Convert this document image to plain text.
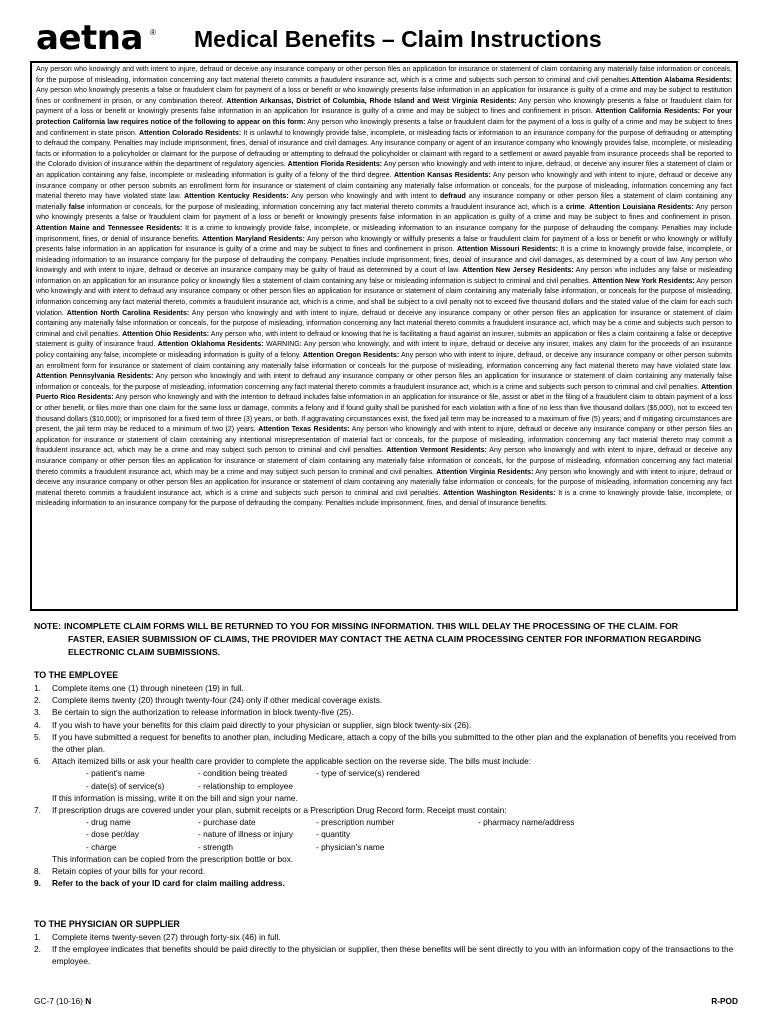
aetna ® Medical Benefits – Claim Instructions
Any person who knowingly and with intent to injure, defraud or deceive any insurance company or other person files an application for insurance or statement of claim containing any materially false information or conceals, for the purpose of misleading, information concerning any fact material thereto commits a fraudulent insurance act, which is a crime and subjects such person to criminal and civil penalties.Attention Alabama Residents: Any person who knowingly presents a false or fraudulent claim for payment of a loss or benefit or who knowingly presents false information in an application for insurance is guilty of a crime and may be subject to restitution fines or confinement in prison, or any combination thereof. Attention Arkansas, District of Columbia, Rhode Island and West Virginia Residents: Any person who knowingly presents a false or fraudulent claim for payment of a loss or benefit or knowingly presents false information in an application for insurance is guilty of a crime and may be subject to fines and confinement in prison. Attention California Residents: For your protection California law requires notice of the following to appear on this form: Any person who knowingly presents a false or fraudulent claim for the payment of a loss is guilty of a crime and may be subject to fines and confinement in state prison. Attention Colorado Residents: It is unlawful to knowingly provide false, incomplete, or misleading facts or information to an insurance company for the purpose of defrauding or attempting to defraud the company. Penalties may include imprisonment, fines, denial of insurance and civil damages. Any insurance company or agent of an insurance company who knowingly provides false, incomplete, or misleading facts or information to a policyholder or claimant for the purpose of defrauding or attempting to defraud the policyholder or claimant with regard to a settlement or award payable from insurance proceeds shall be reported to the Colorado division of insurance within the department of regulatory agencies. Attention Florida Residents: Any person who knowingly and with intent to injure, defraud, or deceive any insurer files a statement of claim or an application containing any false, incomplete or misleading information is guilty of a felony of the third degree. Attention Kansas Residents: Any person who knowingly and with intent to injure, defraud or deceive any insurance company or other person submits an enrollment form for insurance or statement of claim containing any materially false information or conceals, for the purpose of misleading, information concerning any fact material thereto may have violated state law. Attention Kentucky Residents: Any person who knowingly and with intent to defraud any insurance company or other person files a statement of claim containing any materially false information or conceals, for the purpose of misleading, information concerning any fact material thereto commits a fraudulent insurance act, which is a crime. Attention Louisiana Residents: Any person who knowingly presents a false or fraudulent claim for payment of a loss or benefit or knowingly presents false information in an application is guilty of a crime and may be subject to fines and confinement in prison. Attention Maine and Tennessee Residents: It is a crime to knowingly provide false, incomplete, or misleading information to an insurance company for the purpose of defrauding the company. Penalties may include imprisonment, fines, or denial of insurance benefits. Attention Maryland Residents: Any person who knowingly or willfully presents a false or fraudulent claim for payment of a loss or benefit or who knowingly or willfully presents false information in an application for insurance is guilty of a crime and may be subject to fines and confinement in prison. Attention Missouri Residents: It is a crime to knowingly provide false, incomplete, or misleading information to an insurance company for the purpose of defrauding the company. Penalties include imprisonment, fines, denial of insurance and civil damages, as determined by a court of law. Any person who knowingly and with intent to injure, defraud or deceive an insurance company may be guilty of fraud as determined by a court of law. Attention New Jersey Residents: Any person who includes any false or misleading information on an application for an insurance policy or knowingly files a statement of claim containing any false or misleading information is subject to criminal and civil penalties. Attention New York Residents: Any person who knowingly and with intent to defraud any insurance company or other person files an application for insurance or statement of claim containing any materially false information, or conceals for the purpose of misleading, information concerning any fact material thereto, commits a fraudulent insurance act, which is a crime, and shall be subject to a civil penalty not to exceed five thousand dollars and the stated value of the claim for each such violation. Attention North Carolina Residents: Any person who knowingly and with intent to injure, defraud or deceive any insurance company or other person files an application for insurance or statement of claim containing any materially false information or conceals, for the purpose of misleading, information concerning any fact material thereto commits a fraudulent insurance act, which may be a crime and subjects such person to criminal and civil penalties. Attention Ohio Residents: Any person who, with intent to defraud or knowing that he is facilitating a fraud against an insurer, submits an application or files a claim containing a false or deceptive statement is guilty of insurance fraud. Attention Oklahoma Residents: WARNING: Any person who knowingly, and with intent to injure, defraud or deceive any insurer, makes any claim for the proceeds of an insurance policy containing any false, incomplete or misleading information is guilty of a felony. Attention Oregon Residents: Any person who with intent to injure, defraud, or deceive any insurance company or other person submits an enrollment form for insurance or statement of claim containing any materially false information or conceals for the purpose of misleading, information concerning any fact material thereto may have violated state law. Attention Pennsylvania Residents: Any person who knowingly and with intent to defraud any insurance company or other person files an application for insurance or statement of claim containing any materially false information or conceals, for the purpose of misleading, information concerning any fact material thereto commits a fraudulent insurance act, which is a crime and subjects such person to criminal and civil penalties. Attention Puerto Rico Residents: Any person who knowingly and with the intention to defraud includes false information in an application for insurance or file, assist or abet in the filing of a fraudulent claim to obtain payment of a loss or other benefit, or files more than one claim for the same loss or damage, commits a felony and if found guilty shall be punished for each violation with a fine of no less than five thousand dollars ($5,000), not to exceed ten thousand dollars ($10,000); or imprisoned for a fixed term of three (3) years, or both. If aggravating circumstances exist, the fixed jail term may be increased to a maximum of five (5) years; and if mitigating circumstances are present, the jail term may be reduced to a minimum of two (2) years. Attention Texas Residents: Any person who knowingly and with intent to injure, defraud or deceive any insurance company or other person files an application for insurance or statement of claim containing any intentional misrepresentation of material fact or conceals, for the purpose of misleading, information concerning any fact material thereto may commit a fraudulent insurance act, which may be a crime and may subject such person to criminal and civil penalties. Attention Vermont Residents: Any person who knowingly and with intent to injure, defraud or deceive any insurance company or other person files an application for insurance or statement of claim containing any materially false information or conceals, for the purpose of misleading, information concerning any fact material thereto commits a fraudulent insurance act, which may be a crime and may subject such person to criminal and civil penalties. Attention Virginia Residents: Any person who knowingly and with intent to injure, defraud or deceive any insurance company or other person files an application for insurance or statement of claim containing any materially false information or conceals, for the purpose of misleading, information concerning any fact material thereto commits a fraudulent insurance act, which is a crime and subjects such person to criminal and civil penalties. Attention Washington Residents: It is a crime to knowingly provide false, incomplete, or misleading information to an insurance company for the purpose of defrauding the company. Penalties include imprisonment, fines, and denial of insurance benefits.
NOTE: INCOMPLETE CLAIM FORMS WILL BE RETURNED TO YOU FOR MISSING INFORMATION. THIS WILL DELAY THE PROCESSING OF THE CLAIM. FOR
FASTER, EASIER SUBMISSION OF CLAIMS, THE PROVIDER MAY CONTACT THE AETNA CLAIM PROCESSING CENTER FOR INFORMATION REGARDING ELECTRONIC CLAIM SUBMISSIONS.
TO THE EMPLOYEE
1.	Complete items one (1) through nineteen (19) in full.
2.	Complete items twenty (20) through twenty-four (24) only if other medical coverage exists.
3.	Be certain to sign the authorization to release information in block twenty-five (25).
4.	If you wish to have your benefits for this claim paid directly to your physician or supplier, sign block twenty-six (26).
5.	If you have submitted a request for benefits to another plan, including Medicare, attach a copy of the bills you submitted to the other plan and the explanation of benefits you received from the other plan.
6.	Attach itemized bills or ask your health care provider to complete the applicable section on the reverse side. The bills must include:
- patient's name	- condition being treated	- type of service(s) rendered
- date(s) of service(s)	- relationship to employee
If this information is missing, write it on the bill and sign your name.
7.	If prescription drugs are covered under your plan, submit receipts or a Prescription Drug Record form. Receipt must contain:
- drug name	- purchase date	- prescription number	- pharmacy name/address
- dose per/day	- nature of illness or injury	- quantity
- charge	- strength	- physician's name
This information can be copied from the prescription bottle or box.
8.	Retain copies of your bills for your record.
9.	Refer to the back of your ID card for claim mailing address.
TO THE PHYSICIAN OR SUPPLIER
1.	Complete items twenty-seven (27) through forty-six (46) in full.
2.	If the employee indicates that benefits should be paid directly to the physician or supplier, then these benefits will be sent directly to you with an information copy of the transactions to the employee.
GC-7 (10-16) N	R-POD
